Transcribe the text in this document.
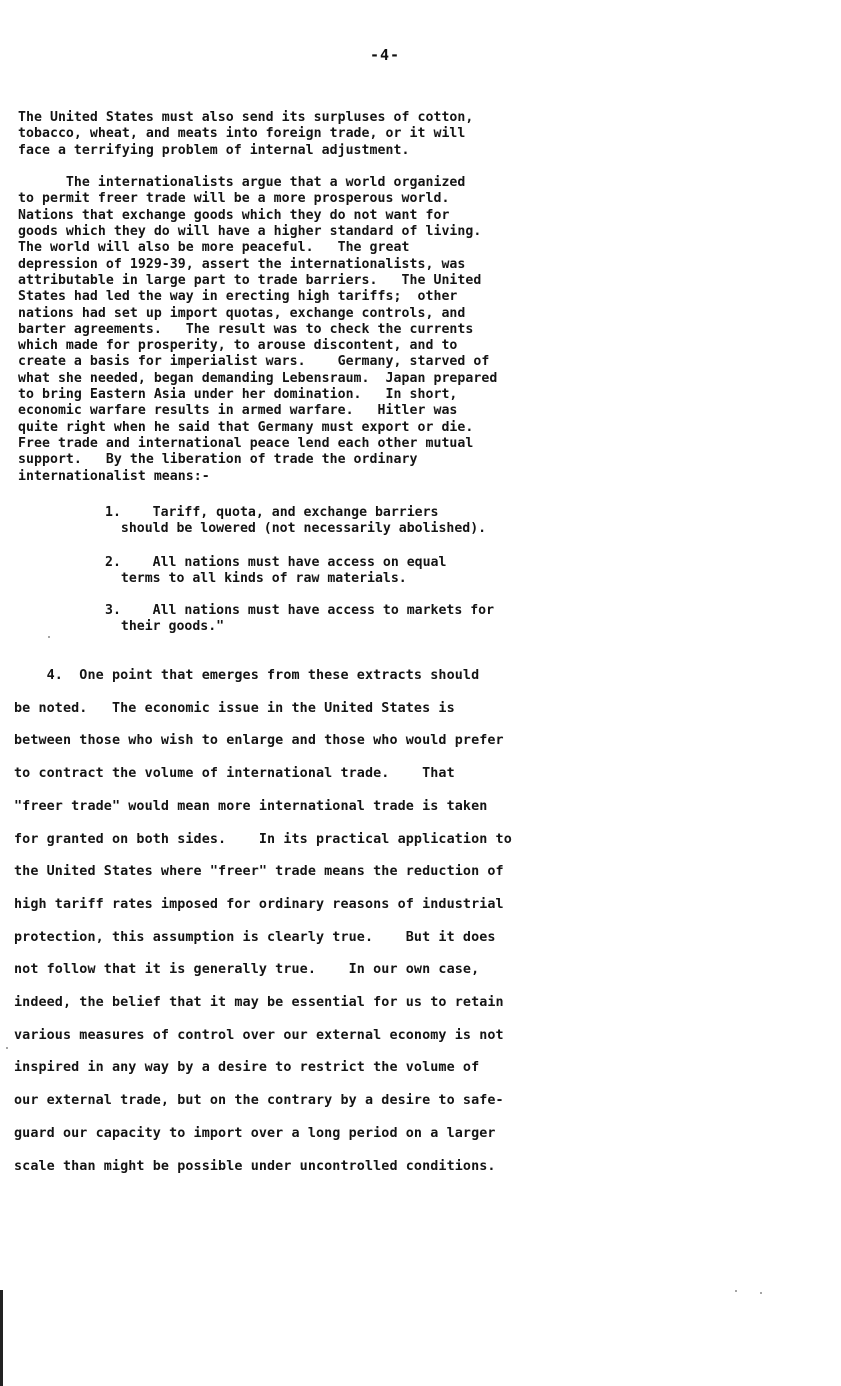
-4-
The United States must also send its surpluses of cotton,
tobacco, wheat, and meats into foreign trade, or it will
face a terrifying problem of internal adjustment.

The internationalists argue that a world organized
to permit freer trade will be a more prosperous world.
Nations that exchange goods which they do not want for
goods which they do will have a higher standard of living.
The world will also be more peaceful.   The great
depression of 1929-39, assert the internationalists, was
attributable in large part to trade barriers.   The United
States had led the way in erecting high tariffs;  other
nations had set up import quotas, exchange controls, and
barter agreements.   The result was to check the currents
which made for prosperity, to arouse discontent, and to
create a basis for imperialist wars.    Germany, starved of
what she needed, began demanding Lebensraum.  Japan prepared
to bring Eastern Asia under her domination.   In short,
economic warfare results in armed warfare.   Hitler was
quite right when he said that Germany must export or die.
Free trade and international peace lend each other mutual
support.   By the liberation of trade the ordinary
internationalist means:-
1. Tariff, quota, and exchange barriers
should be lowered (not necessarily abolished).
2. All nations must have access on equal
terms to all kinds of raw materials.
3. All nations must have access to markets for
their goods."
4.  One point that emerges from these extracts should
be noted.   The economic issue in the United States is
between those who wish to enlarge and those who would prefer
to contract the volume of international trade.    That
"freer trade" would mean more international trade is taken
for granted on both sides.    In its practical application to
the United States where "freer" trade means the reduction of
high tariff rates imposed for ordinary reasons of industrial
protection, this assumption is clearly true.    But it does
not follow that it is generally true.    In our own case,
indeed, the belief that it may be essential for us to retain
various measures of control over our external economy is not
inspired in any way by a desire to restrict the volume of
our external trade, but on the contrary by a desire to safe-
guard our capacity to import over a long period on a larger
scale than might be possible under uncontrolled conditions.
